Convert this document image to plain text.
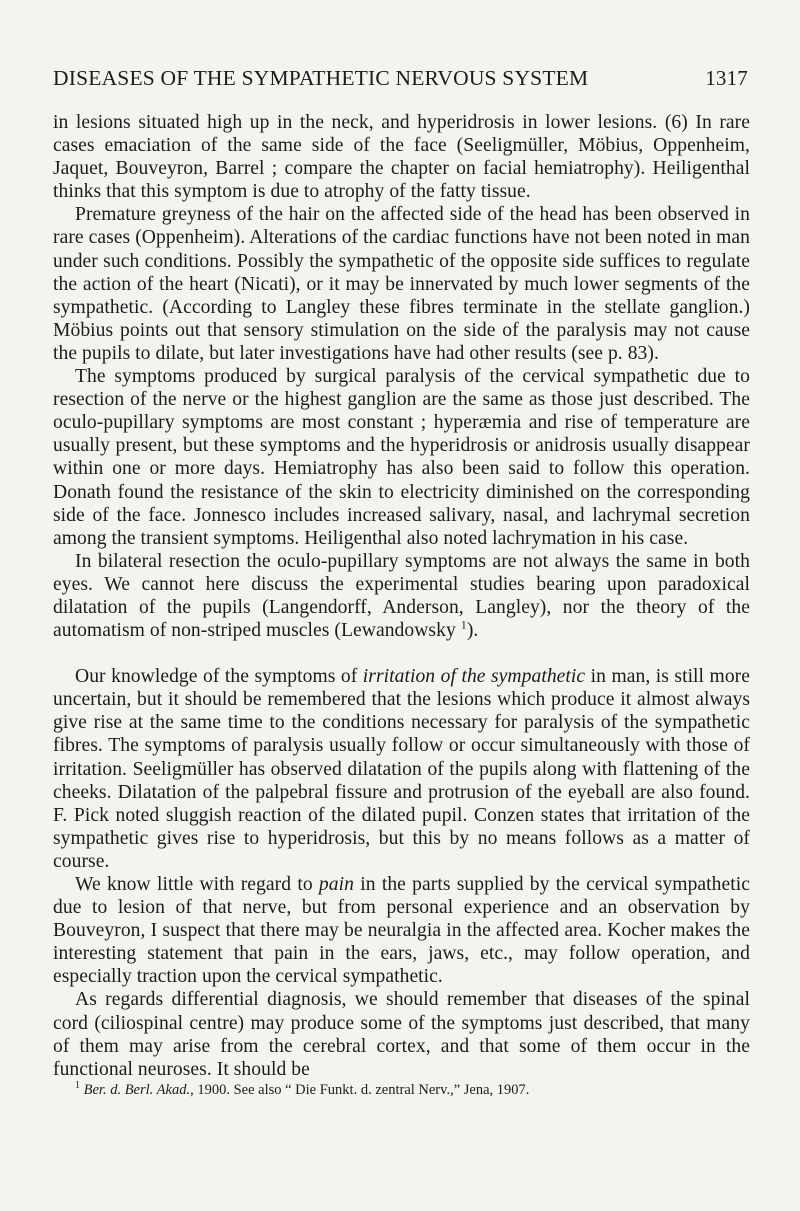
DISEASES OF THE SYMPATHETIC NERVOUS SYSTEM	1317

in lesions situated high up in the neck, and hyperidrosis in lower lesions. (6) In rare cases emaciation of the same side of the face (Seeligmüller, Möbius, Oppenheim, Jaquet, Bouveyron, Barrel ; compare the chapter on facial hemiatrophy). Heiligenthal thinks that this symptom is due to atrophy of the fatty tissue.

Premature greyness of the hair on the affected side of the head has been observed in rare cases (Oppenheim). Alterations of the cardiac functions have not been noted in man under such conditions. Possibly the sympathetic of the opposite side suffices to regulate the action of the heart (Nicati), or it may be innervated by much lower segments of the sympathetic. (According to Langley these fibres terminate in the stellate ganglion.) Möbius points out that sensory stimulation on the side of the paralysis may not cause the pupils to dilate, but later investigations have had other results (see p. 83).

The symptoms produced by surgical paralysis of the cervical sympathetic due to resection of the nerve or the highest ganglion are the same as those just described. The oculo-pupillary symptoms are most constant ; hyperæmia and rise of temperature are usually present, but these symptoms and the hyperidrosis or anidrosis usually disappear within one or more days. Hemiatrophy has also been said to follow this operation. Donath found the resistance of the skin to electricity diminished on the corresponding side of the face. Jonnesco includes increased salivary, nasal, and lachrymal secretion among the transient symptoms. Heiligenthal also noted lachrymation in his case.

In bilateral resection the oculo-pupillary symptoms are not always the same in both eyes. We cannot here discuss the experimental studies bearing upon paradoxical dilatation of the pupils (Langendorff, Anderson, Langley), nor the theory of the automatism of non-striped muscles (Lewandowsky $^1$).

Our knowledge of the symptoms of irritation of the sympathetic in man, is still more uncertain, but it should be remembered that the lesions which produce it almost always give rise at the same time to the conditions necessary for paralysis of the sympathetic fibres. The symptoms of paralysis usually follow or occur simultaneously with those of irritation. Seeligmüller has observed dilatation of the pupils along with flattening of the cheeks. Dilatation of the palpebral fissure and protrusion of the eyeball are also found. F. Pick noted sluggish reaction of the dilated pupil. Conzen states that irritation of the sympathetic gives rise to hyperidrosis, but this by no means follows as a matter of course.

We know little with regard to pain in the parts supplied by the cervical sympathetic due to lesion of that nerve, but from personal experience and an observation by Bouveyron, I suspect that there may be neuralgia in the affected area. Kocher makes the interesting statement that pain in the ears, jaws, etc., may follow operation, and especially traction upon the cervical sympathetic.

As regards differential diagnosis, we should remember that diseases of the spinal cord (ciliospinal centre) may produce some of the symptoms just described, that many of them may arise from the cerebral cortex, and that some of them occur in the functional neuroses. It should be

$^1$ Ber. d. Berl. Akad., 1900. See also “ Die Funkt. d. zentral Nerv.,” Jena, 1907.
